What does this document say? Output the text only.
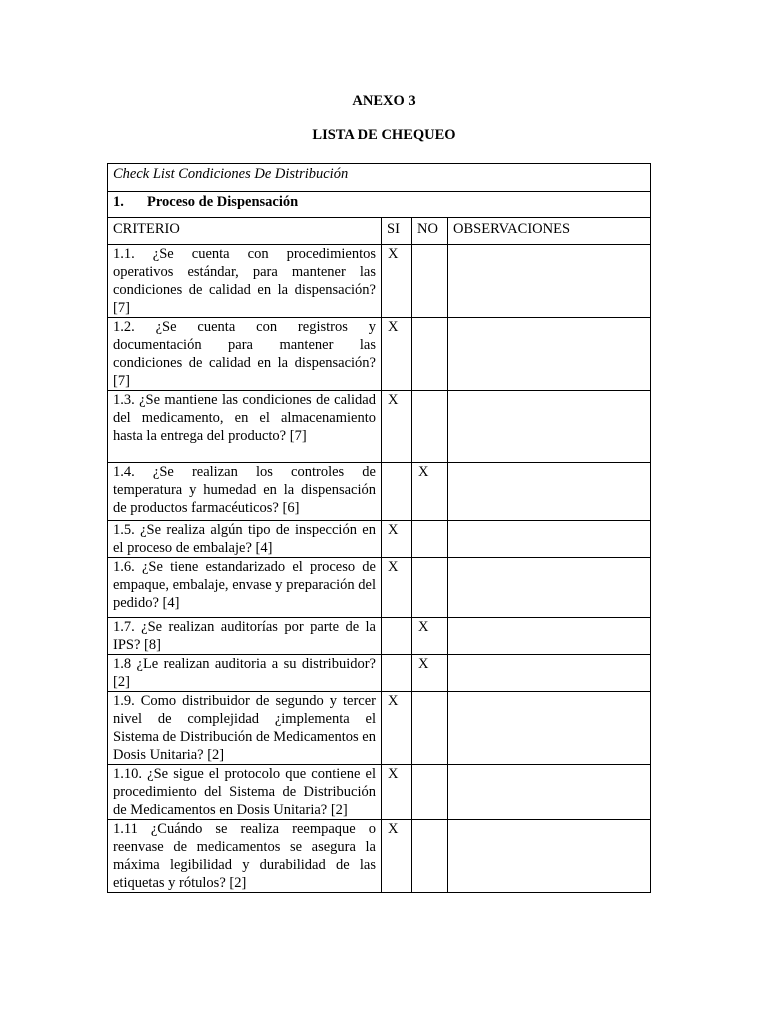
ANEXO 3
LISTA DE CHEQUEO
Check List Condiciones De Distribución			
1. Proceso de Dispensación			
CRITERIO	SI	NO	OBSERVACIONES
1.1. ¿Se cuenta con procedimientos operativos estándar, para mantener las condiciones de calidad en la dispensación? [7]	X		
1.2. ¿Se cuenta con registros y documentación para mantener las condiciones de calidad en la dispensación? [7]	X		
1.3. ¿Se mantiene las condiciones de calidad del medicamento, en el almacenamiento hasta la entrega del producto? [7]	X		
1.4. ¿Se realizan los controles de temperatura y humedad en la dispensación de productos farmacéuticos? [6]		X	
1.5. ¿Se realiza algún tipo de inspección en el proceso de embalaje? [4]	X		
1.6. ¿Se tiene estandarizado el proceso de empaque, embalaje, envase y preparación del pedido? [4]	X		
1.7. ¿Se realizan auditorías por parte de la IPS? [8]		X	
1.8 ¿Le realizan auditoria a su distribuidor? [2]		X	
1.9. Como distribuidor de segundo y tercer nivel de complejidad ¿implementa el Sistema de Distribución de Medicamentos en Dosis Unitaria? [2]	X		
1.10. ¿Se sigue el protocolo que contiene el procedimiento del Sistema de Distribución de Medicamentos en Dosis Unitaria? [2]	X		
1.11 ¿Cuándo se realiza reempaque o reenvase de medicamentos se asegura la máxima legibilidad y durabilidad de las etiquetas y rótulos? [2]	X		
